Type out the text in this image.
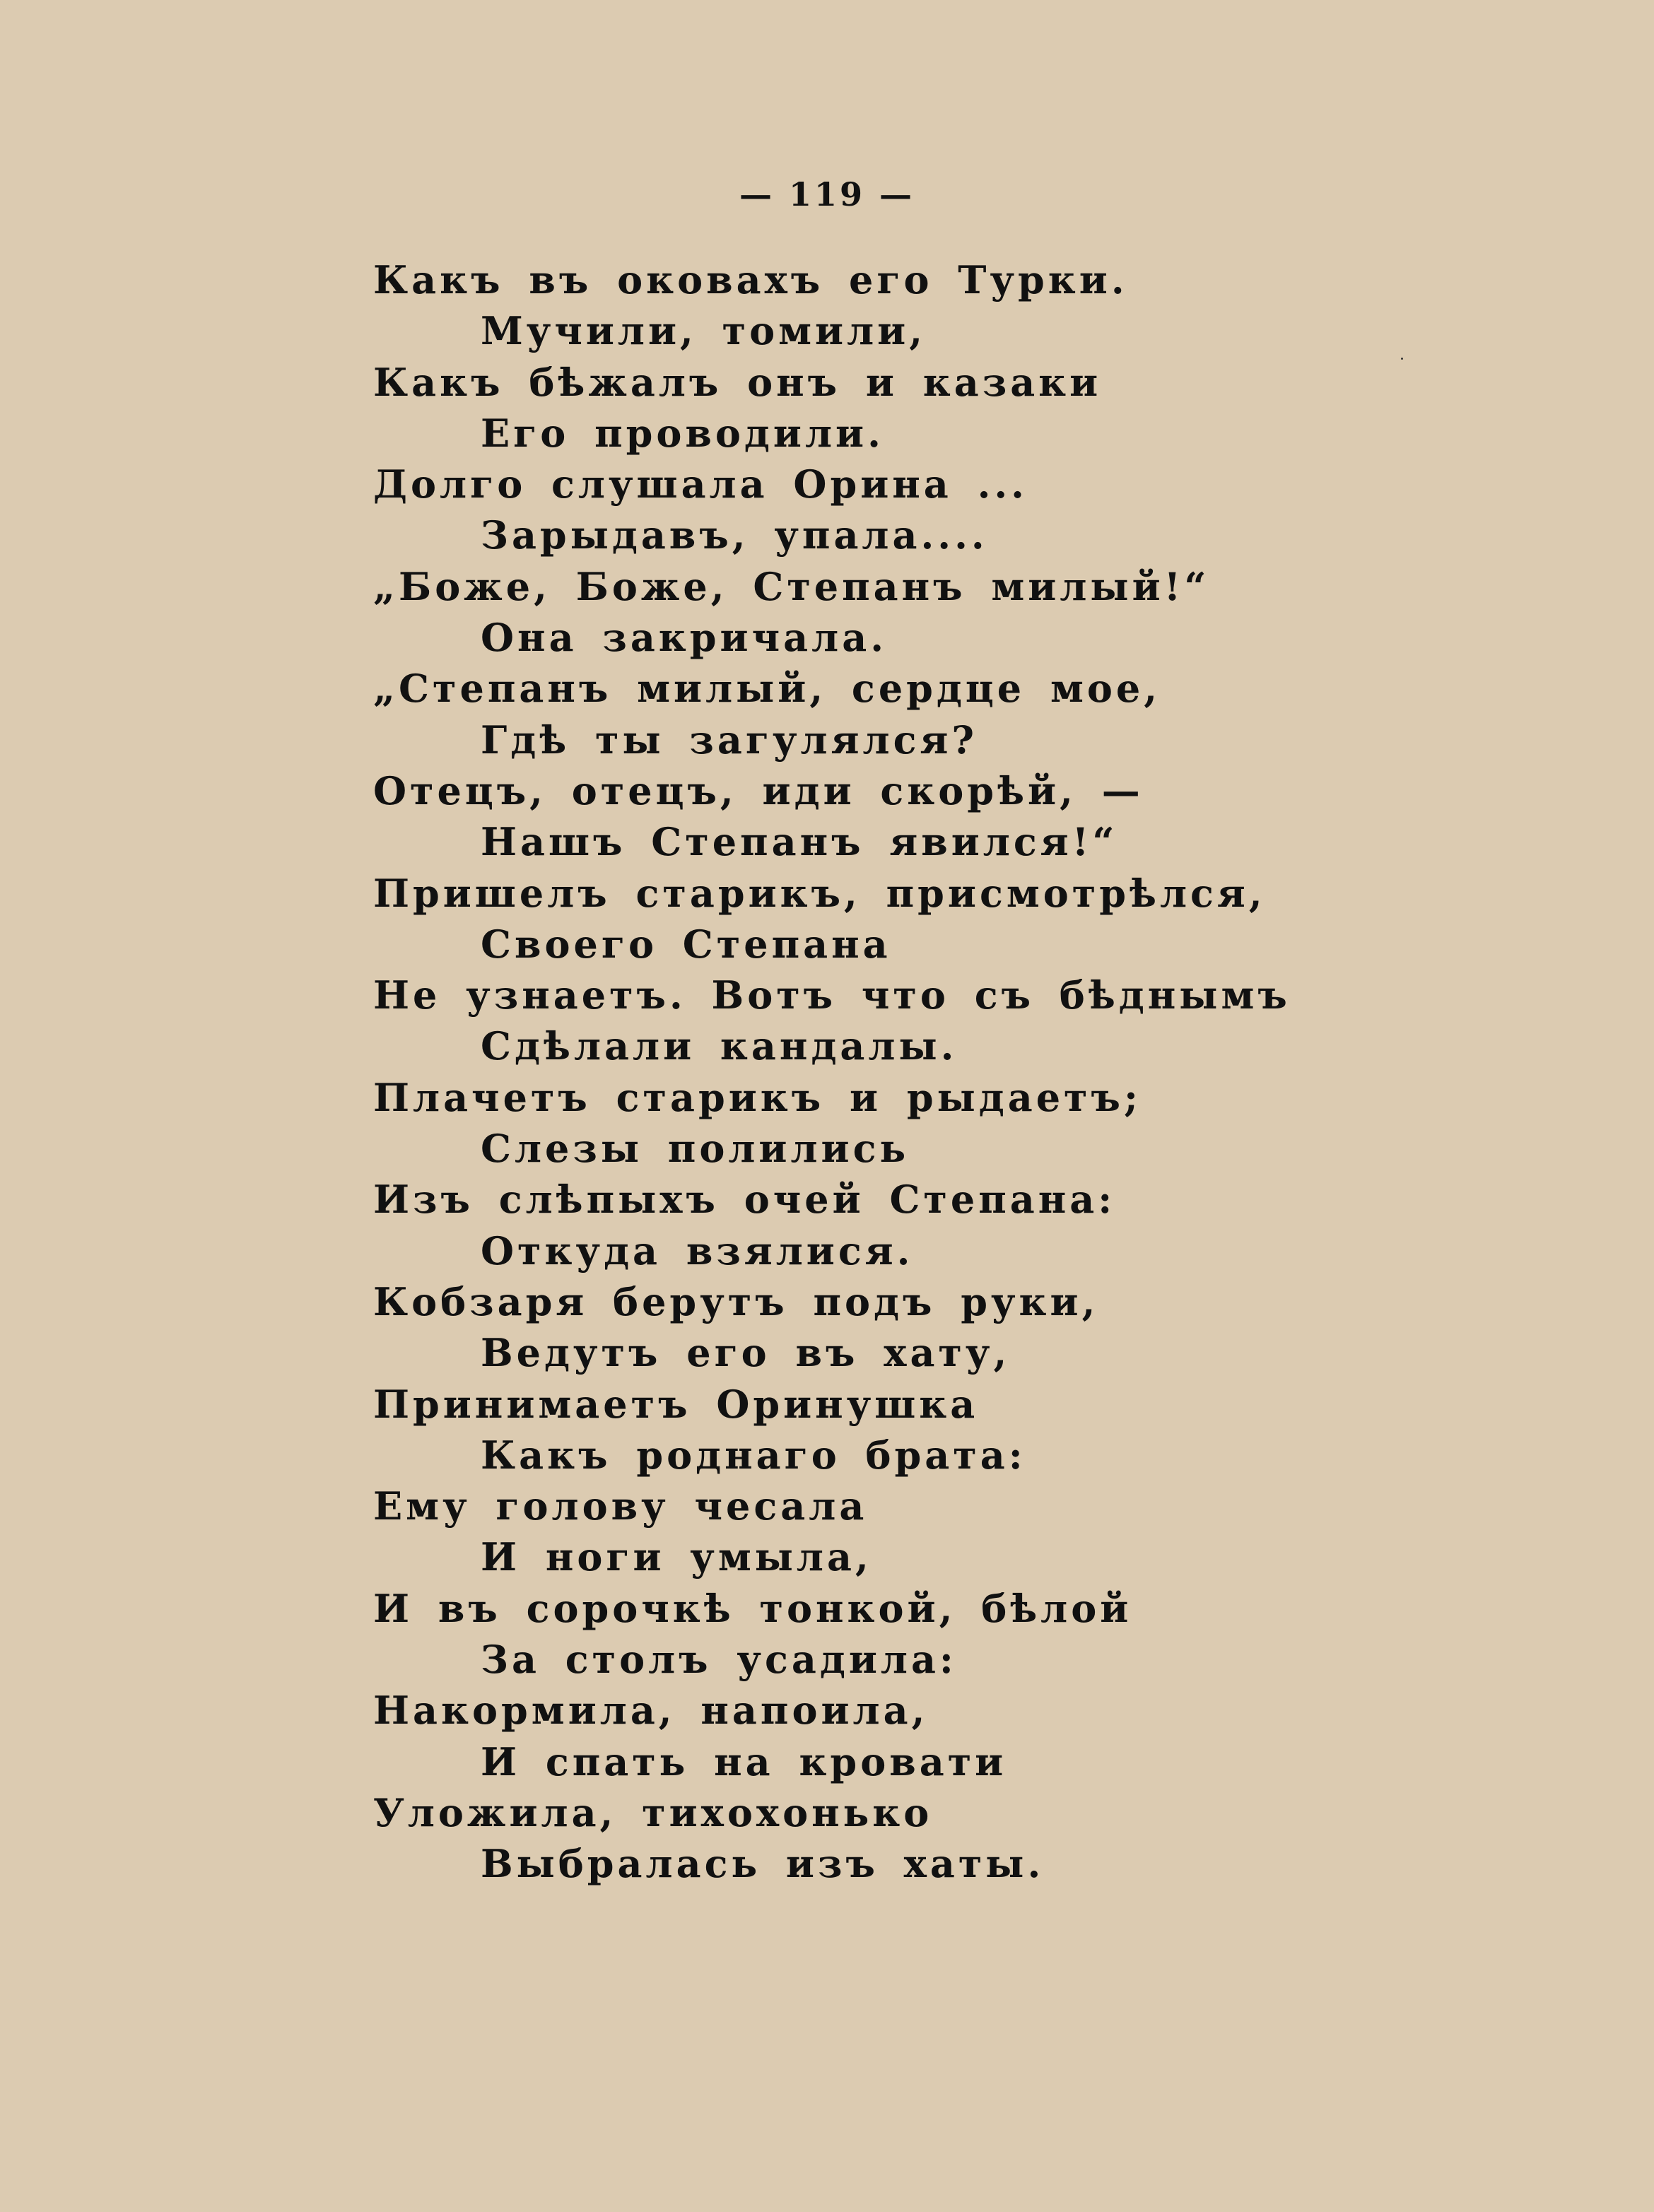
— 119 —
Какъ въ оковахъ его Турки.
Мучили, томили,
Какъ бѣжалъ онъ и казаки
Его проводили.
Долго слушала Орина ...
Зарыдавъ, упала....
„Боже, Боже, Степанъ милый!“
Она закричала.
„Степанъ милый, сердце мое,
Гдѣ ты загулялся?
Отецъ, отецъ, иди скорѣй, —
Нашъ Степанъ явился!“
Пришелъ старикъ, присмотрѣлся,
Своего Степана
Не узнаетъ. Вотъ что съ бѣднымъ
Сдѣлали кандалы.
Плачетъ старикъ и рыдаетъ;
Слезы полились
Изъ слѣпыхъ очей Степана:
Откуда взялися.
Кобзаря берутъ подъ руки,
Ведутъ его въ хату,
Принимаетъ Оринушка
Какъ роднаго брата:
Ему голову чесала
И ноги умыла,
И въ сорочкѣ тонкой, бѣлой
За столъ усадила:
Накормила, напоила,
И спать на кровати
Уложила, тихохонько
Выбралась изъ хаты.
